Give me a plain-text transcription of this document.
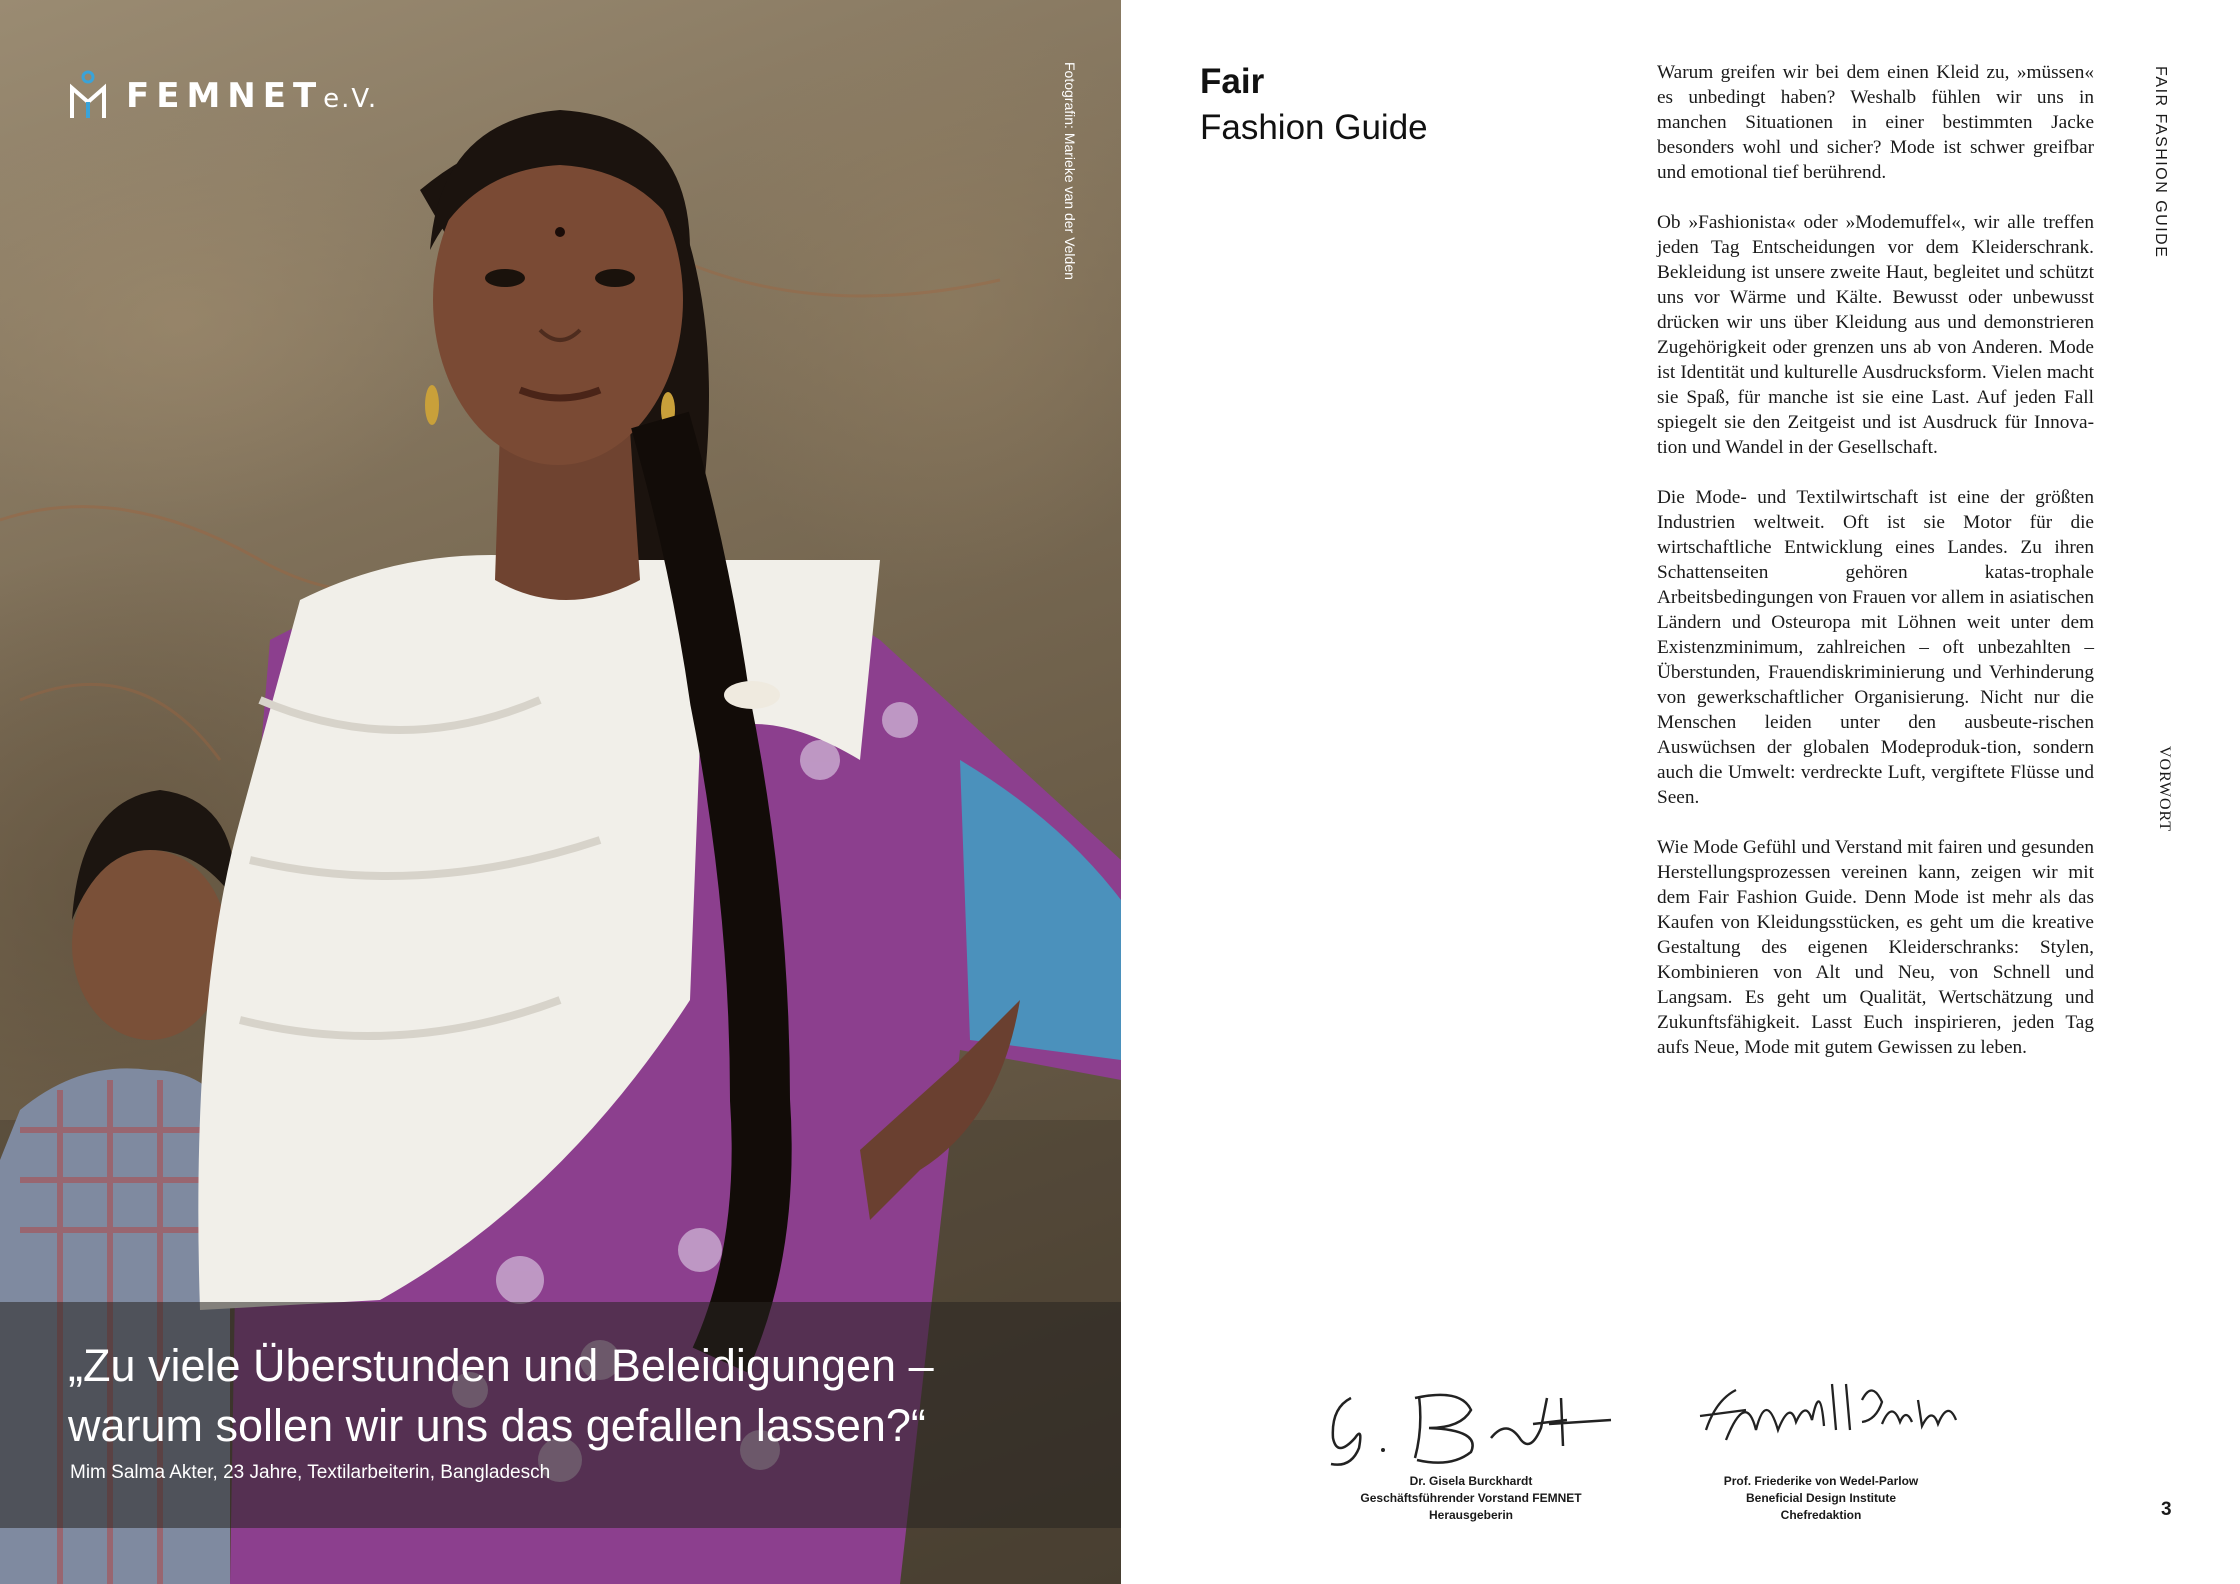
FEMNETe.V.	Fotografin: Marieke van der Velden
„Zu viele Überstunden und Beleidigungen –
warum sollen wir uns das gefallen lassen?“
Mim Salma Akter, 23 Jahre, Textilarbeiterin, Bangladesch
Fair
Fashion Guide

Warum greifen wir bei dem einen Kleid zu, »müssen« es unbedingt haben? Weshalb fühlen wir uns in manchen Situationen in einer bestimmten Jacke besonders wohl und sicher? Mode ist schwer greifbar und emotional tief berührend.

Ob »Fashionista« oder »Modemuffel«, wir alle treffen jeden Tag Entscheidungen vor dem Kleiderschrank. Bekleidung ist unsere zweite Haut, begleitet und schützt uns vor Wärme und Kälte. Bewusst oder unbewusst drücken wir uns über Kleidung aus und demonstrieren Zugehörigkeit oder grenzen uns ab von Anderen. Mode ist Identität und kulturelle Ausdrucksform. Vielen macht sie Spaß, für manche ist sie eine Last. Auf jeden Fall spiegelt sie den Zeitgeist und ist Ausdruck für Innova-tion und Wandel in der Gesellschaft.

Die Mode- und Textilwirtschaft ist eine der größten Industrien weltweit. Oft ist sie Motor für die wirtschaftliche Entwicklung eines Landes. Zu ihren Schattenseiten gehören katas-trophale Arbeitsbedingungen von Frauen vor allem in asiatischen Ländern und Osteuropa mit Löhnen weit unter dem Existenzminimum, zahlreichen – oft unbezahlten – Überstunden, Frauendiskriminierung und Verhinderung von gewerkschaftlicher Organisierung. Nicht nur die Menschen leiden unter den ausbeute-rischen Auswüchsen der globalen Modeproduk-tion, sondern auch die Umwelt: verdreckte Luft, vergiftete Flüsse und Seen.

Wie Mode Gefühl und Verstand mit fairen und gesunden Herstellungsprozessen vereinen kann, zeigen wir mit dem Fair Fashion Guide. Denn Mode ist mehr als das Kaufen von Kleidungsstücken, es geht um die kreative Gestaltung des eigenen Kleiderschranks: Stylen, Kombinieren von Alt und Neu, von Schnell und Langsam. Es geht um Qualität, Wertschätzung und Zukunftsfähigkeit. Lasst Euch inspirieren, jeden Tag aufs Neue, Mode mit gutem Gewissen zu leben.

FAIR FASHION GUIDE
VORWORT
Dr. Gisela Burckhardt
Geschäftsführender Vorstand FEMNET
Herausgeberin
Prof. Friederike von Wedel-Parlow
Beneficial Design Institute
Chefredaktion	3
